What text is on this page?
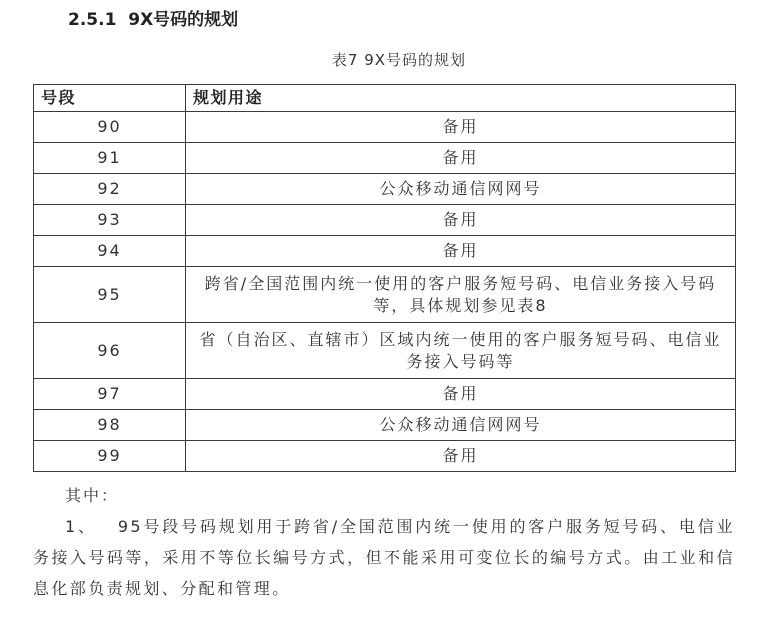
2.5.1  9X号码的规划
表7 9X号码的规划
号段	规划用途
90	备用
91	备用
92	公众移动通信网网号
93	备用
94	备用
95	跨省/全国范围内统一使用的客户服务短号码、电信业务接入号码等，具体规划参见表8
96	省（自治区、直辖市）区域内统一使用的客户服务短号码、电信业务接入号码等
97	备用
98	公众移动通信网网号
99	备用
其中：

1、 95号段号码规划用于跨省/全国范围内统一使用的客户服务短号码、电信业务接入号码等，采用不等位长编号方式，但不能采用可变位长的编号方式。由工业和信息化部负责规划、分配和管理。
